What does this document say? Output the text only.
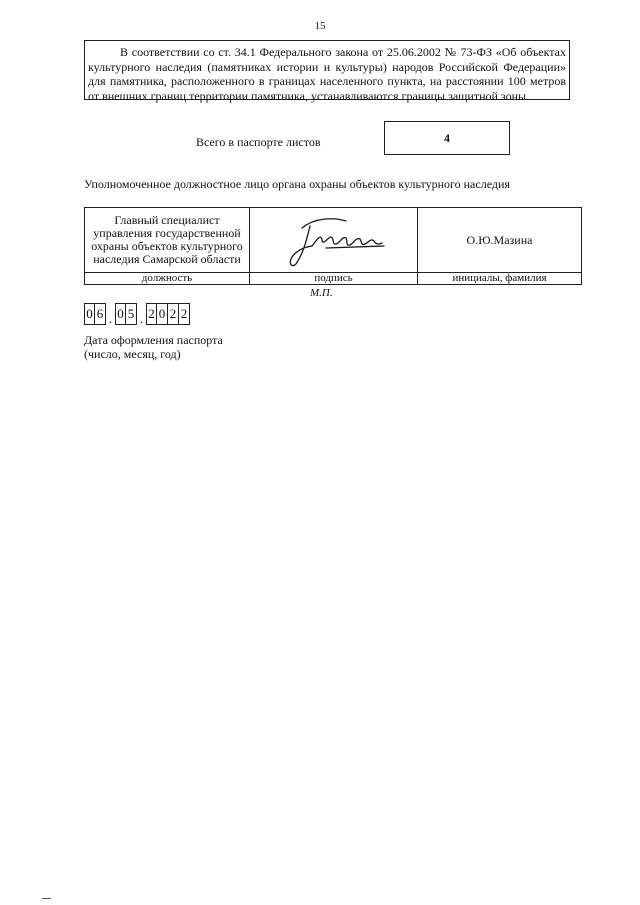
15

В соответствии со ст. 34.1 Федерального закона от 25.06.2002 № 73-ФЗ «Об объектах культурного наследия (памятниках истории и культуры) народов Российской Федерации» для памятника, расположенного в границах населенного пункта, на расстоянии 100 метров от внешних границ территории памятника, устанавливаются границы защитной зоны.

Всего в паспорте листов	4
Уполномоченное должностное лицо органа охраны объектов культурного наследия
Главный специалист управления государственной охраны объектов культурного наследия Самарской области		О.Ю.Мазина
должность	подпись	инициалы, фамилия
М.П.
0 6 . 0 5 . 2 0 2 2
Дата оформления паспорта
(число, месяц, год)
